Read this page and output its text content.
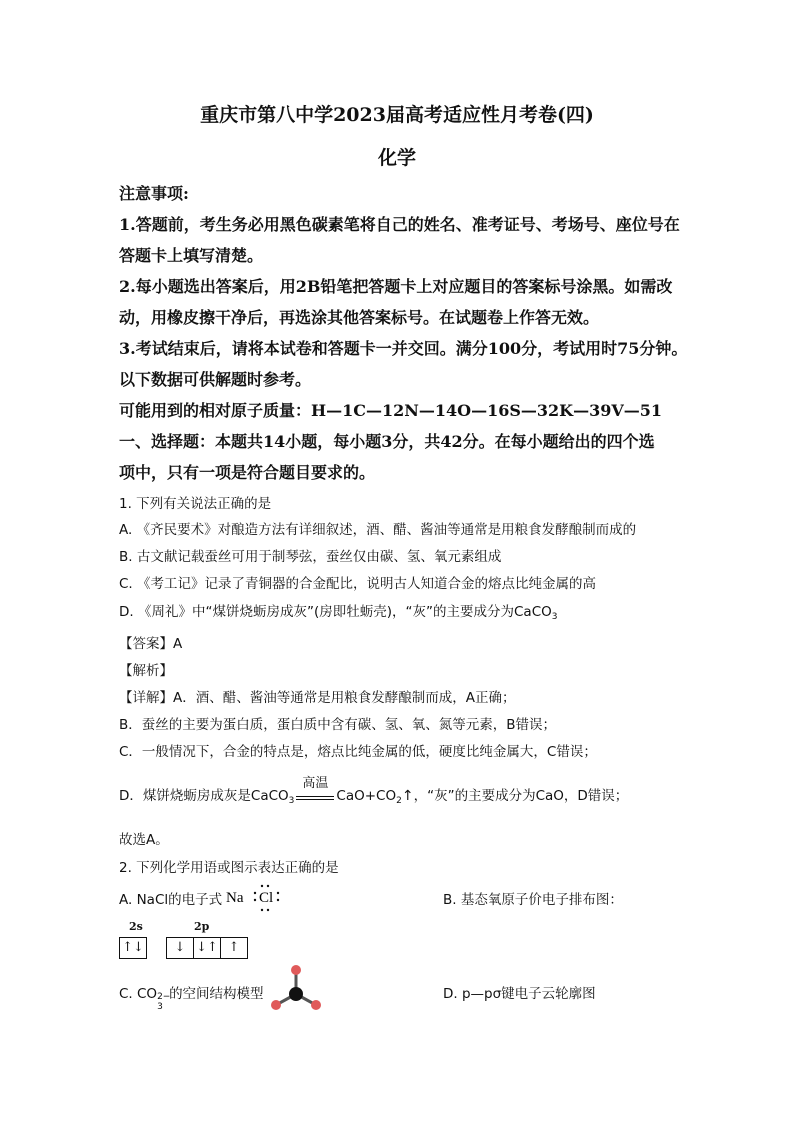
重庆市第八中学2023届高考适应性月考卷(四)
化学
注意事项:
1.答题前，考生务必用黑色碳素笔将自己的姓名、准考证号、考场号、座位号在
答题卡上填写清楚。
2.每小题选出答案后，用2B铅笔把答题卡上对应题目的答案标号涂黑。如需改
动，用橡皮擦干净后，再选涂其他答案标号。在试题卷上作答无效。
3.考试结束后，请将本试卷和答题卡一并交回。满分100分，考试用时75分钟。
以下数据可供解题时参考。
可能用到的相对原子质量：H—1C—12N—14O—16S—32K—39V—51
一、选择题：本题共14小题，每小题3分，共42分。在每小题给出的四个选
项中，只有一项是符合题目要求的。
1. 下列有关说法正确的是
A. 《齐民要术》对酿造方法有详细叙述，酒、醋、酱油等通常是用粮食发酵酿制而成的
B. 古文献记载蚕丝可用于制琴弦，蚕丝仅由碳、氢、氧元素组成
C. 《考工记》记录了青铜器的合金配比，说明古人知道合金的熔点比纯金属的高
D. 《周礼》中“煤饼烧蛎房成灰”(房即牡蛎壳)，“灰”的主要成分为CaCO$_3$
【答案】A
【解析】
【详解】A．酒、醋、酱油等通常是用粮食发酵酿制而成，A正确；
B．蚕丝的主要为蛋白质，蛋白质中含有碳、氢、氧、氮等元素，B错误；
C．一般情况下，合金的特点是，熔点比纯金属的低，硬度比纯金属大，C错误；
D．煤饼烧蛎房成灰是CaCO$_3$
高温
$CaO+CO_2↑$，“灰”的主要成分为CaO，D错误；
故选A。
2. 下列化学用语或图示表达正确的是
A. NaCl的电子式 Na Cl	B. 基态氧原子价电子排布图：
2s	2p
↑↓	↓ ↓↑ ↑
C. CO 2−
3
的空间结构模型	D. p—pσ键电子云轮廓图
